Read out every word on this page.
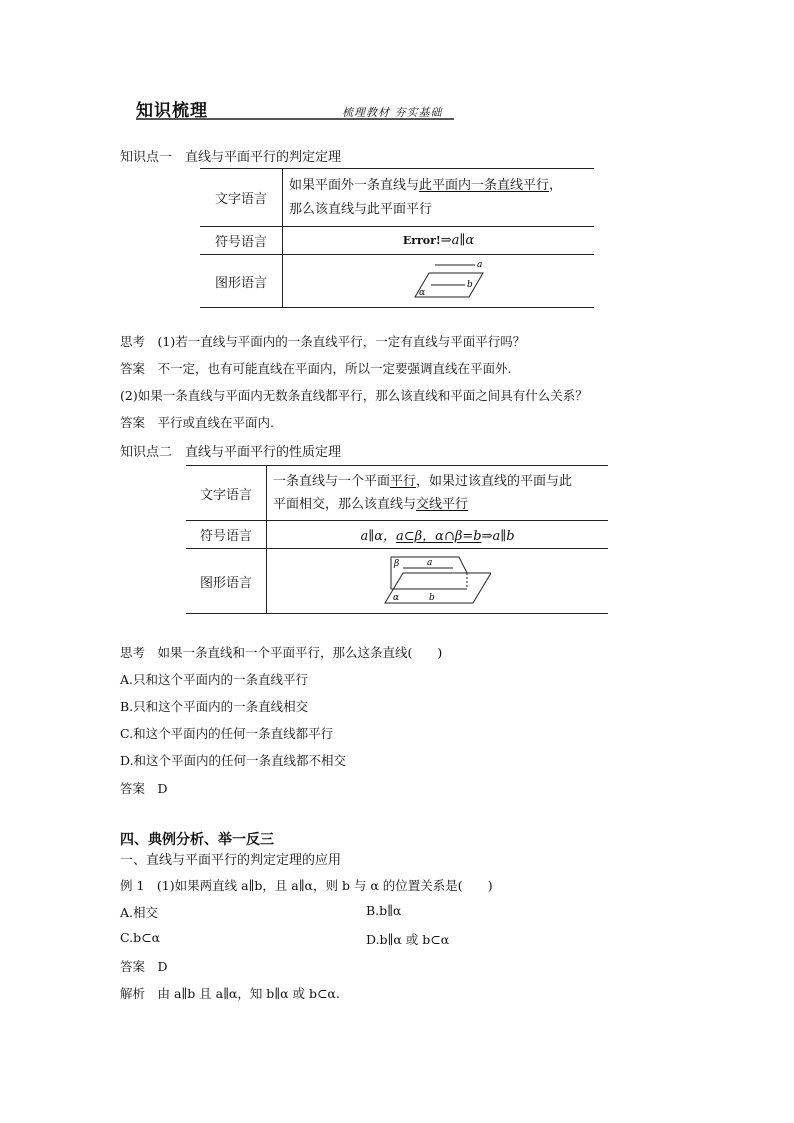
知识梳理	梳理教材 夯实基础
知识点一　直线与平面平行的判定定理
文字语言	如果平面外一条直线与此平面内一条直线平行，
那么该直线与此平面平行
符号语言	Error!⇒a∥α
图形语言	a
b
α
思考　(1)若一直线与平面内的一条直线平行，一定有直线与平面平行吗？
答案　不一定，也有可能直线在平面内，所以一定要强调直线在平面外.
(2)如果一条直线与平面内无数条直线都平行，那么该直线和平面之间具有什么关系？
答案　平行或直线在平面内.
知识点二　直线与平面平行的性质定理
文字语言	一条直线与一个平面平行，如果过该直线的平面与此
平面相交，那么该直线与交线平行
符号语言	a∥α，a⊂β，α∩β=b⇒a∥b
图形语言	β a
α b
思考　如果一条直线和一个平面平行，那么这条直线(　　)
A.只和这个平面内的一条直线平行
B.只和这个平面内的一条直线相交
C.和这个平面内的任何一条直线都平行
D.和这个平面内的任何一条直线都不相交
答案　D
四、典例分析、举一反三
一、直线与平面平行的判定定理的应用
例 1　(1)如果两直线 a∥b，且 a∥α，则 b 与 α 的位置关系是(　　)
A.相交	B.b∥α
C.b⊂α	D.b∥α 或 b⊂α
答案　D
解析　由 a∥b 且 a∥α，知 b∥α 或 b⊂α.
